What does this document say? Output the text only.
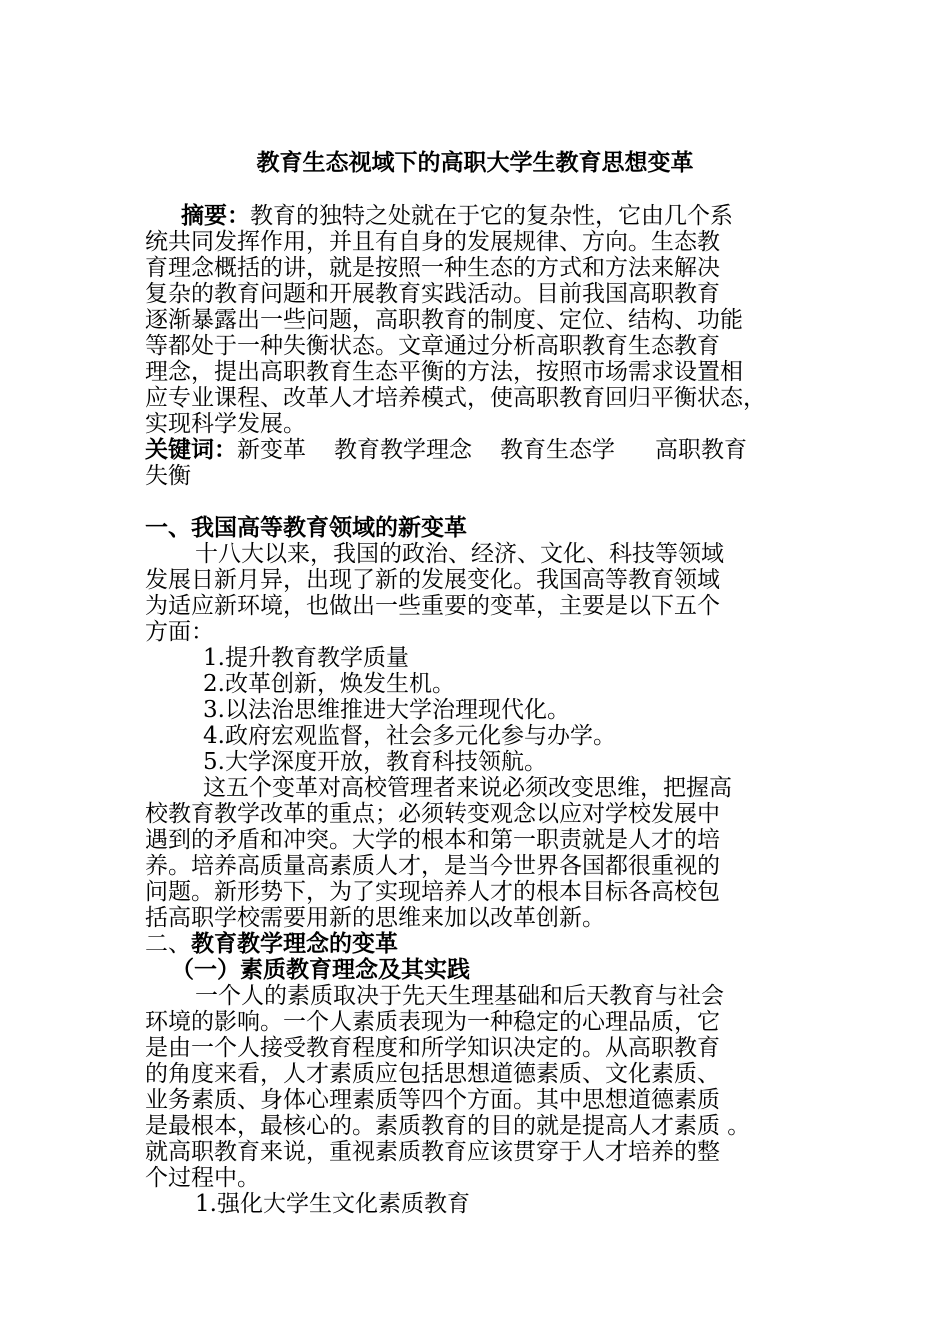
教育生态视域下的高职大学生教育思想变革
摘要：教育的独特之处就在于它的复杂性，它由几个系
统共同发挥作用，并且有自身的发展规律、方向。生态教
育理念概括的讲，就是按照一种生态的方式和方法来解决
复杂的教育问题和开展教育实践活动。目前我国高职教育
逐渐暴露出一些问题，高职教育的制度、定位、结构、功能
等都处于一种失衡状态。文章通过分析高职教育生态教育
理念，提出高职教育生态平衡的方法，按照市场需求设置相
应专业课程、改革人才培养模式，使高职教育回归平衡状态，
实现科学发展。
关键词：新变革 教育教学理念 教育生态学 高职教育
失衡
一、我国高等教育领域的新变革
十八大以来，我国的政治、经济、文化、科技等领域
发展日新月异，出现了新的发展变化。我国高等教育领域
为适应新环境，也做出一些重要的变革，主要是以下五个
方面：
1.提升教育教学质量
2.改革创新，焕发生机。
3.以法治思维推进大学治理现代化。
4.政府宏观监督，社会多元化参与办学。
5.大学深度开放，教育科技领航。
这五个变革对高校管理者来说必须改变思维，把握高
校教育教学改革的重点；必须转变观念以应对学校发展中
遇到的矛盾和冲突。大学的根本和第一职责就是人才的培
养。培养高质量高素质人才，是当今世界各国都很重视的
问题。新形势下，为了实现培养人才的根本目标各高校包
括高职学校需要用新的思维来加以改革创新。
二、教育教学理念的变革
（一）素质教育理念及其实践
一个人的素质取决于先天生理基础和后天教育与社会
环境的影响。一个人素质表现为一种稳定的心理品质，它
是由一个人接受教育程度和所学知识决定的。从高职教育
的角度来看，人才素质应包括思想道德素质、文化素质、
业务素质、身体心理素质等四个方面。其中思想道德素质
是最根本，最核心的。素质教育的目的就是提高人才素质 。
就高职教育来说，重视素质教育应该贯穿于人才培养的整
个过程中。
1.强化大学生文化素质教育
